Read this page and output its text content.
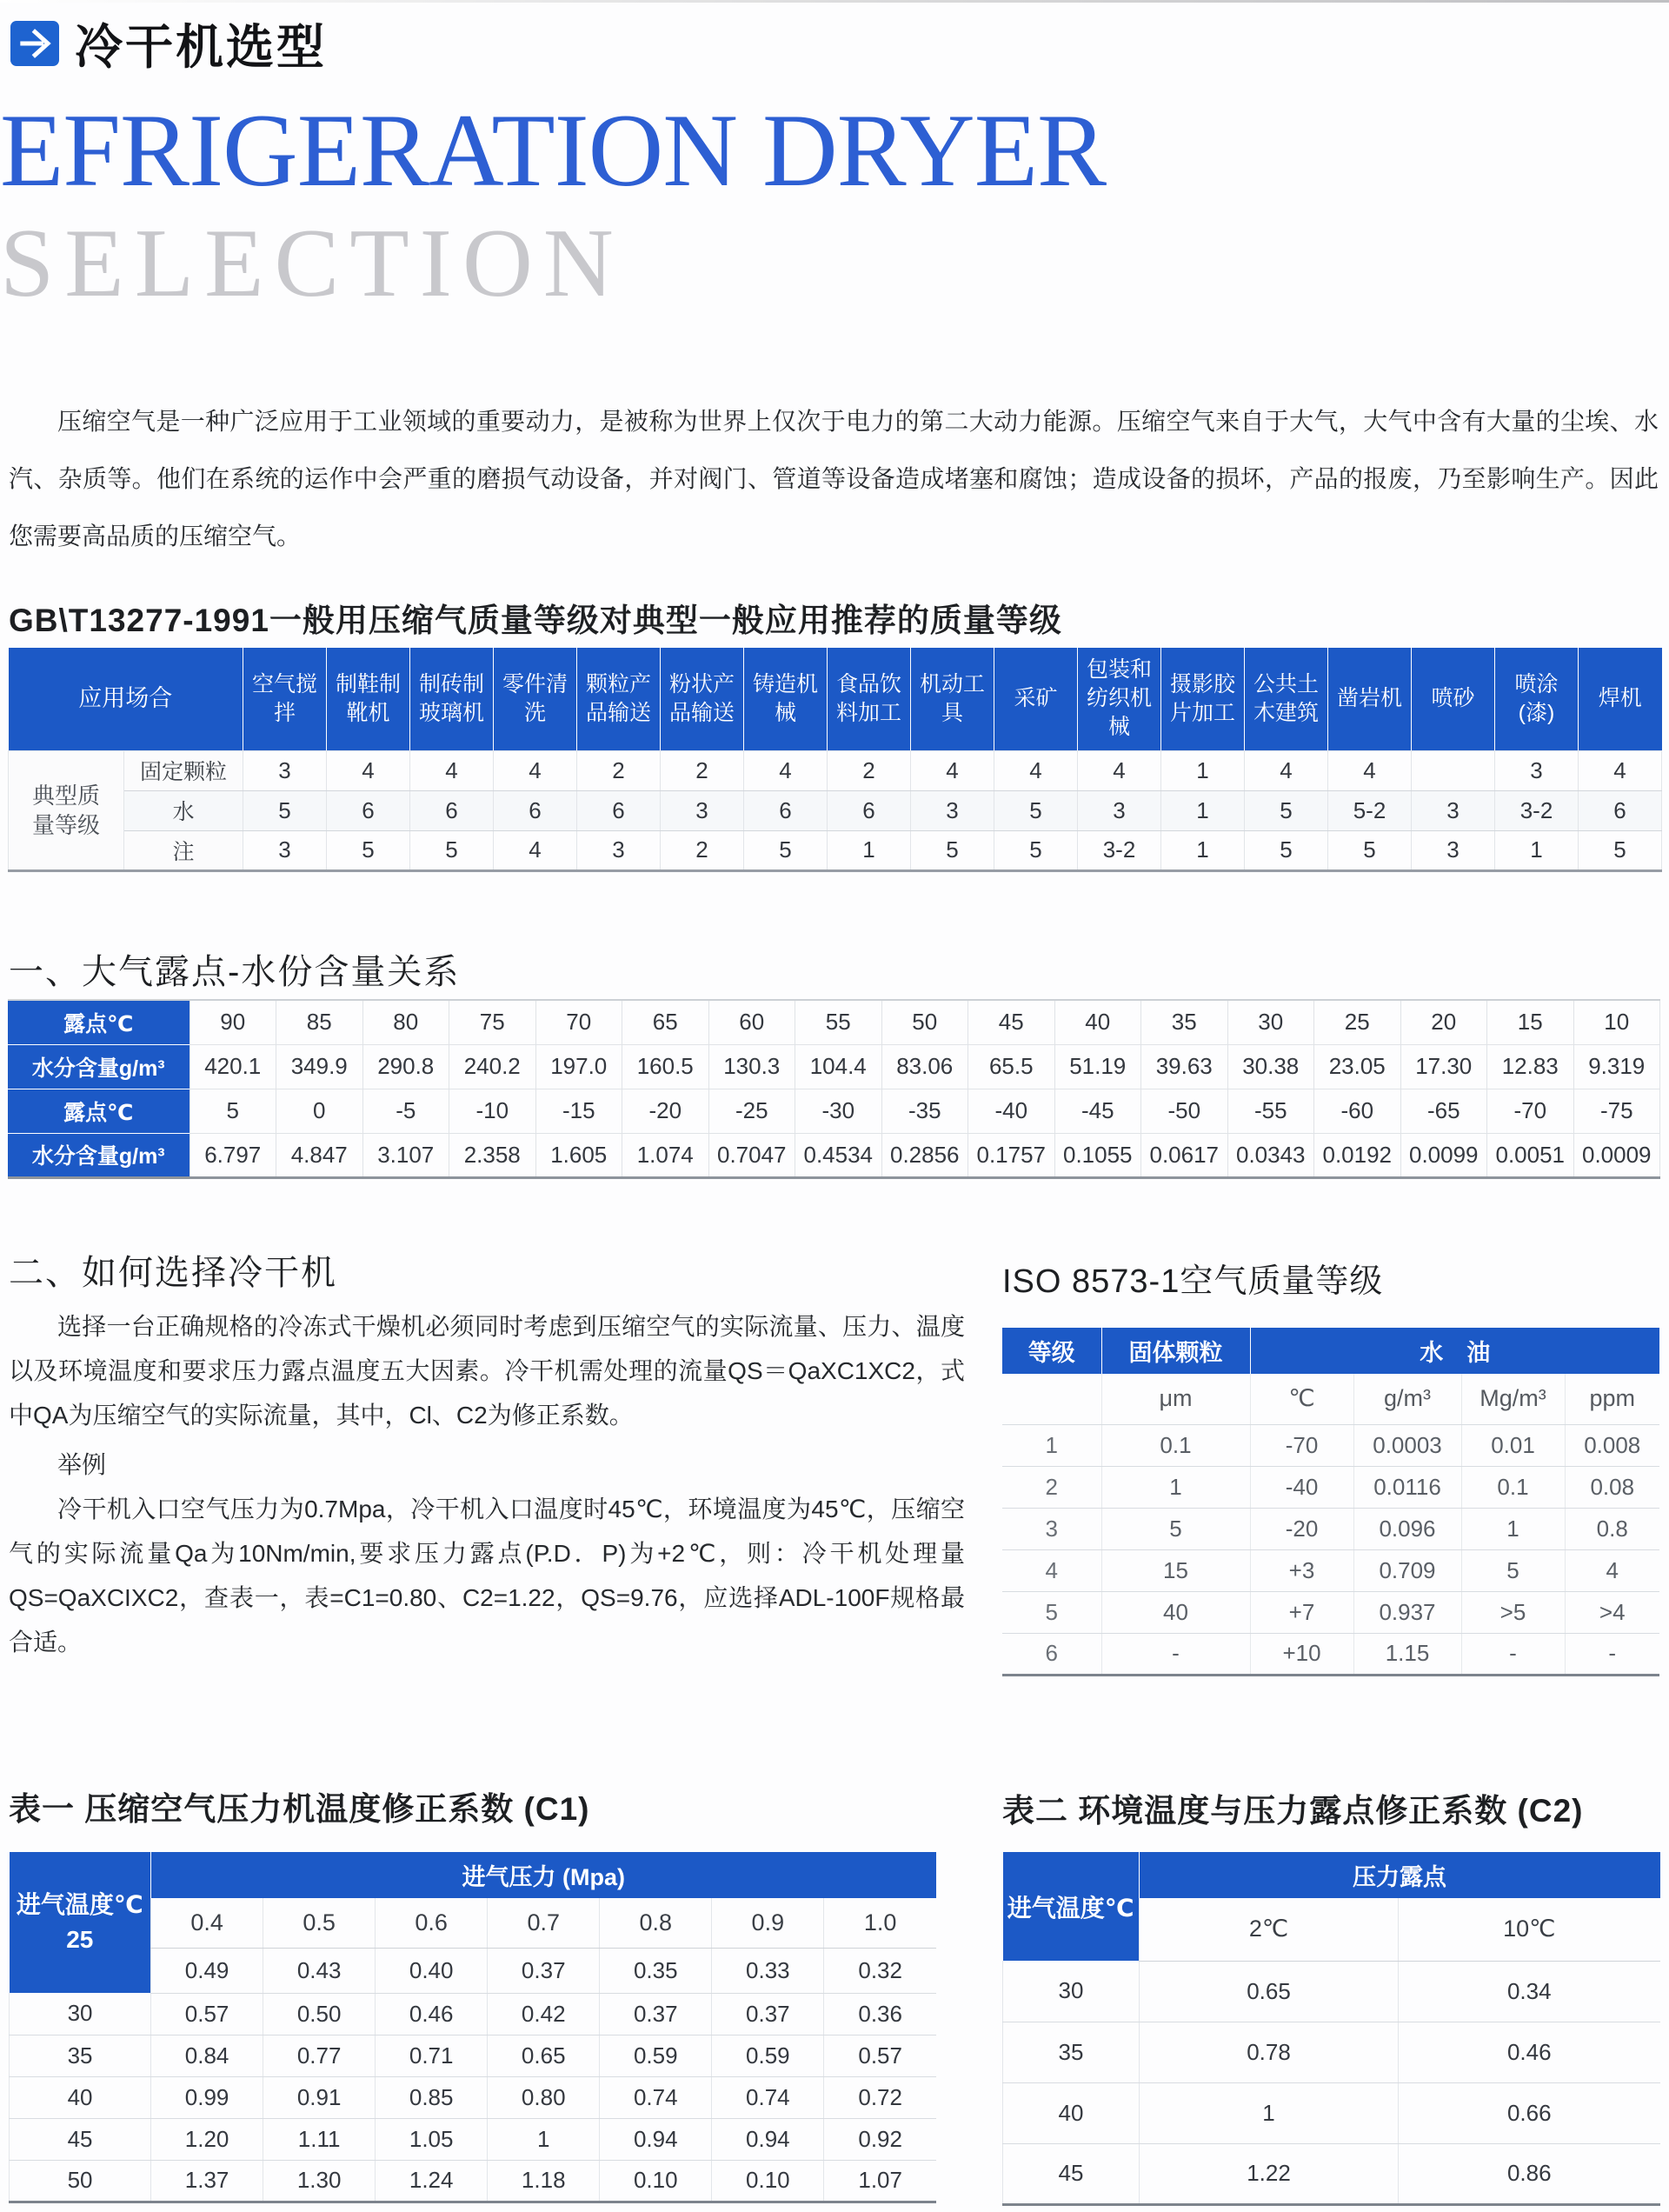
冷干机选型
EFRIGERATION DRYER
SELECTION
压缩空气是一种广泛应用于工业领域的重要动力，是被称为世界上仅次于电力的第二大动力能源。压缩空气来自于大气，大气中含有大量的尘埃、水汽、杂质等。他们在系统的运作中会严重的磨损气动设备，并对阀门、管道等设备造成堵塞和腐蚀；造成设备的损坏，产品的报废，乃至影响生产。因此您需要高品质的压缩空气。
GB\T13277-1991一般用压缩气质量等级对典型一般应用推荐的质量等级
应用场合		空气搅拌	制鞋制靴机	制砖制玻璃机	零件清洗	颗粒产品输送	粉状产品输送	铸造机械	食品饮料加工	机动工具	采矿	包装和纺织机械	摄影胶片加工	公共土木建筑	凿岩机	喷砂	喷涂(漆)	焊机
典型质量等级	固定颗粒	3	4	4	4	2	2	4	2	4	4	4	1	4	4		3	4
	水	5	6	6	6	6	3	6	6	3	5	3	1	5	5-2	3	3-2	6
	注	3	5	5	4	3	2	5	1	5	5	3-2	1	5	5	3	1	5
一、大气露点-水份含量关系
露点℃	90	85	80	75	70	65	60	55	50	45	40	35	30	25	20	15	10
水分含量g/m³	420.1	349.9	290.8	240.2	197.0	160.5	130.3	104.4	83.06	65.5	51.19	39.63	30.38	23.05	17.30	12.83	9.319
露点℃	5	0	-5	-10	-15	-20	-25	-30	-35	-40	-45	-50	-55	-60	-65	-70	-75
水分含量g/m³	6.797	4.847	3.107	2.358	1.605	1.074	0.7047	0.4534	0.2856	0.1757	0.1055	0.0617	0.0343	0.0192	0.0099	0.0051	0.0009
二、如何选择冷干机

选择一台正确规格的冷冻式干燥机必须同时考虑到压缩空气的实际流量、压力、温度以及环境温度和要求压力露点温度五大因素。冷干机需处理的流量QS＝QaXC1XC2，式中QA为压缩空气的实际流量，其中，Cl、C2为修正系数。

举例

冷干机入口空气压力为0.7Mpa，冷干机入口温度时45℃，环境温度为45℃，压缩空气的实际流量Qa为10Nm/min,要求压力露点(P.D．P)为+2℃，则：冷干机处理量QS=QaXCIXC2，查表一，表=C1=0.80、C2=1.22，QS=9.76，应选择ADL-100F规格最合适。

ISO 8573-1空气质量等级
等级	固体颗粒	水　油			
	μm	℃	g/m³	Mg/m³	ppm
1	0.1	-70	0.0003	0.01	0.008
2	1	-40	0.0116	0.1	0.08
3	5	-20	0.096	1	0.8
4	15	+3	0.709	5	4
5	40	+7	0.937	>5	>4
6	-	+10	1.15	-	-
表一 压缩空气压力机温度修正系数 (C1)
进气温度℃
25	进气压力 (Mpa)						
	0.4	0.5	0.6	0.7	0.8	0.9	1.0
	0.49	0.43	0.40	0.37	0.35	0.33	0.32
30	0.57	0.50	0.46	0.42	0.37	0.37	0.36
35	0.84	0.77	0.71	0.65	0.59	0.59	0.57
40	0.99	0.91	0.85	0.80	0.74	0.74	0.72
45	1.20	1.11	1.05	1	0.94	0.94	0.92
50	1.37	1.30	1.24	1.18	0.10	0.10	1.07
表二 环境温度与压力露点修正系数 (C2)
进气温度℃	压力露点	
	2℃	10℃
30	0.65	0.34
35	0.78	0.46
40	1	0.66
45	1.22	0.86
